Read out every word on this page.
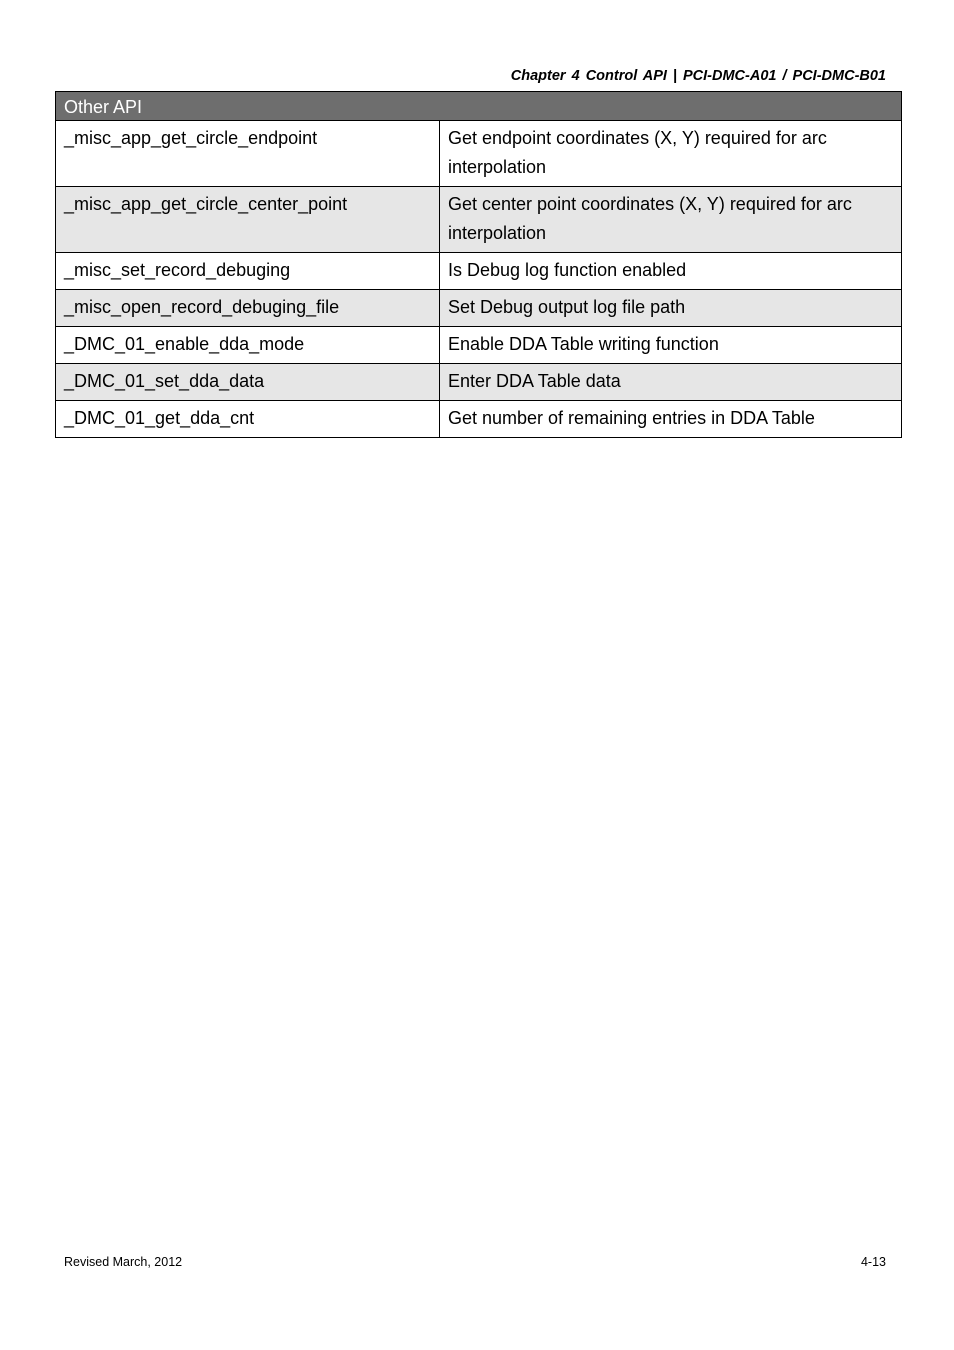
Chapter 4 Control API | PCI-DMC-A01 / PCI-DMC-B01
Other API	
_misc_app_get_circle_endpoint	Get endpoint coordinates (X, Y) required for arc interpolation
_misc_app_get_circle_center_point	Get center point coordinates (X, Y) required for arc interpolation
_misc_set_record_debuging	Is Debug log function enabled
_misc_open_record_debuging_file	Set Debug output log file path
_DMC_01_enable_dda_mode	Enable DDA Table writing function
_DMC_01_set_dda_data	Enter DDA Table data
_DMC_01_get_dda_cnt	Get number of remaining entries in DDA Table
Revised March, 2012	4-13
